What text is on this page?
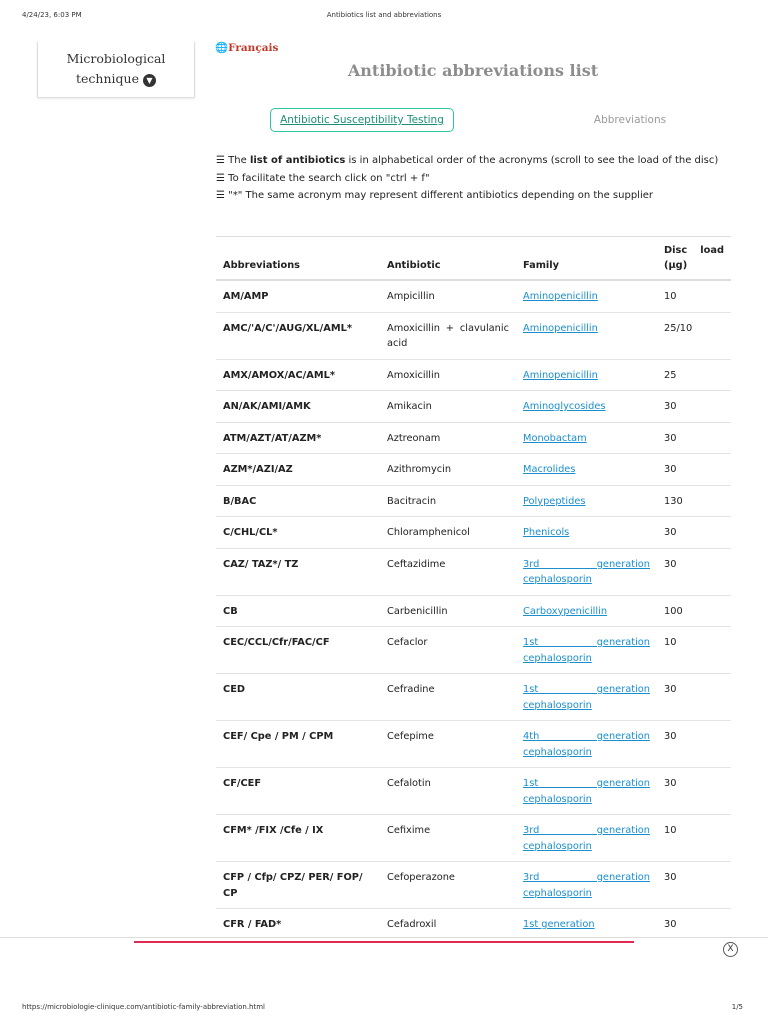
4/24/23, 6:03 PM	Antibiotics list and abbreviations
Microbiological
technique ▼
🌐Français
Antibiotic abbreviations list
Antibiotic Susceptibility Testing	Abbreviations
☰ The list of antibiotics is in alphabetical order of the acronyms (scroll to see the load of the disc)
☰ To facilitate the search click on "ctrl + f"
☰ "*" The same acronym may represent different antibiotics depending on the supplier
Abbreviations	Antibiotic	Family	Disc load
(µg)

AM/AMP	Ampicillin	Aminopenicillin	10
AMC/'A/C'/AUG/XL/AML*	Amoxicillin + clavulanic acid	Aminopenicillin	25/10
AMX/AMOX/AC/AML*	Amoxicillin	Aminopenicillin	25
AN/AK/AMI/AMK	Amikacin	Aminoglycosides	30
ATM/AZT/AT/AZM*	Aztreonam	Monobactam	30
AZM*/AZI/AZ	Azithromycin	Macrolides	30
B/BAC	Bacitracin	Polypeptides	130
C/CHL/CL*	Chloramphenicol	Phenicols	30
CAZ/ TAZ*/ TZ	Ceftazidime	3rd generation cephalosporin	30
CB	Carbenicillin	Carboxypenicillin	100
CEC/CCL/Cfr/FAC/CF	Cefaclor	1st generation cephalosporin	10
CED	Cefradine	1st generation cephalosporin	30
CEF/ Cpe / PM / CPM	Cefepime	4th generation cephalosporin	30
CF/CEF	Cefalotin	1st generation cephalosporin	30
CFM* /FIX /Cfe / IX	Cefixime	3rd generation cephalosporin	10
CFP / Cfp/ CPZ/ PER/ FOP/ CP	Cefoperazone	3rd generation cephalosporin	30
CFR / FAD*	Cefadroxil	1st generation	30
X
https://microbiologie-clinique.com/antibiotic-family-abbreviation.html	1/5
